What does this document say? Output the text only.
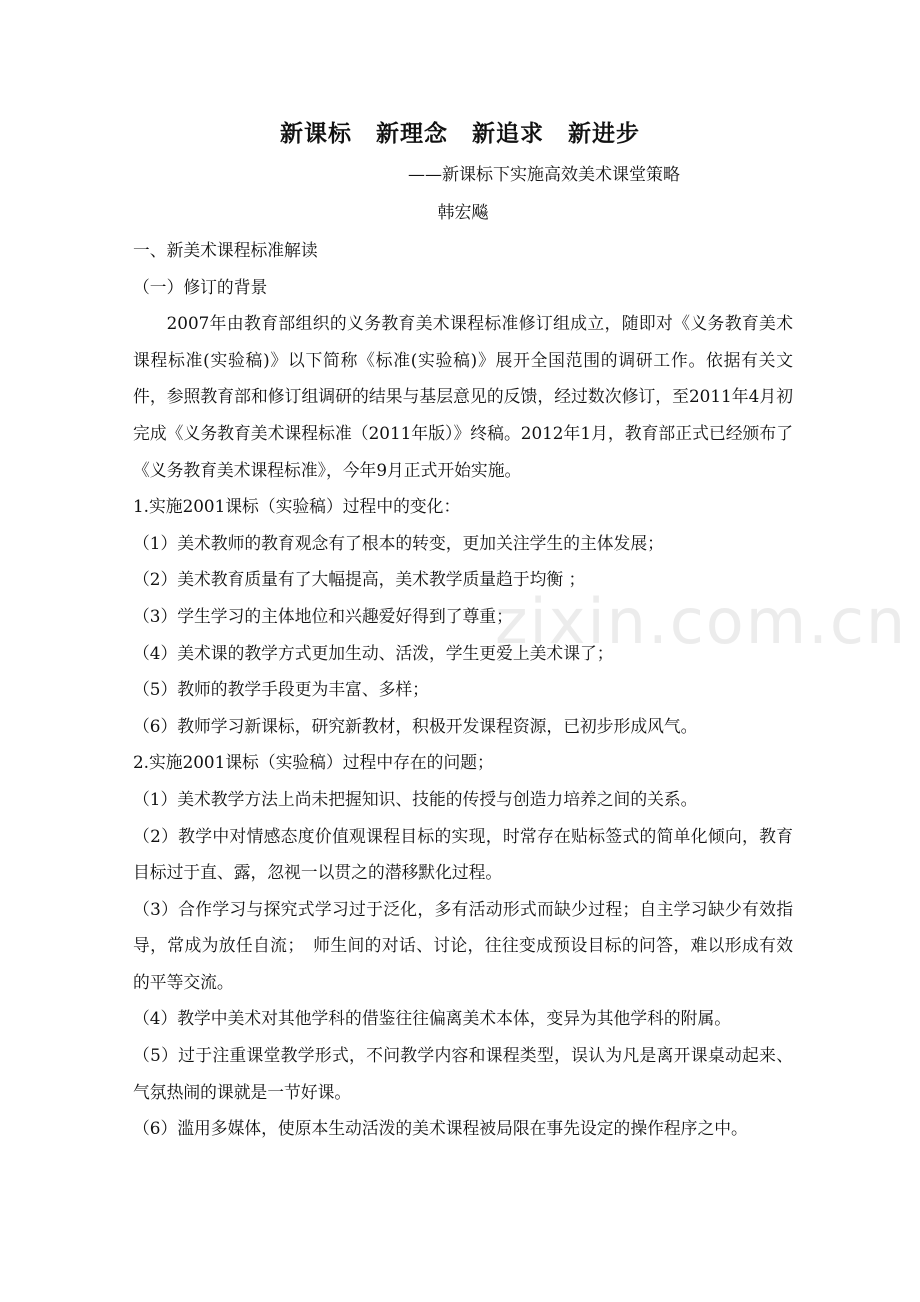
新课标　新理念　新追求　新进步
——新课标下实施高效美术课堂策略
韩宏飚

一、新美术课程标准解读

（一）修订的背景

2007年由教育部组织的义务教育美术课程标准修订组成立，随即对《义务教育美术课程标准(实验稿)》以下简称《标准(实验稿)》展开全国范围的调研工作。依据有关文件，参照教育部和修订组调研的结果与基层意见的反馈，经过数次修订，至2011年4月初完成《义务教育美术课程标准（2011年版）》终稿。2012年1月，教育部正式已经颁布了《义务教育美术课程标准》，今年9月正式开始实施。

1.实施2001课标（实验稿）过程中的变化：

（1）美术教师的教育观念有了根本的转变，更加关注学生的主体发展；

（2）美术教育质量有了大幅提高，美术教学质量趋于均衡 ；

（3）学生学习的主体地位和兴趣爱好得到了尊重；

（4）美术课的教学方式更加生动、活泼，学生更爱上美术课了；

（5）教师的教学手段更为丰富、多样；

（6）教师学习新课标，研究新教材，积极开发课程资源，已初步形成风气。

2.实施2001课标（实验稿）过程中存在的问题；

（1）美术教学方法上尚未把握知识、技能的传授与创造力培养之间的关系。

（2）教学中对情感态度价值观课程目标的实现，时常存在贴标签式的简单化倾向，教育目标过于直、露，忽视一以贯之的潜移默化过程。

（3）合作学习与探究式学习过于泛化，多有活动形式而缺少过程；自主学习缺少有效指导，常成为放任自流；　师生间的对话、讨论，往往变成预设目标的问答，难以形成有效的平等交流。

（4）教学中美术对其他学科的借鉴往往偏离美术本体，变异为其他学科的附属。

（5）过于注重课堂教学形式，不问教学内容和课程类型，误认为凡是离开课桌动起来、气氛热闹的课就是一节好课。

（6）滥用多媒体，使原本生动活泼的美术课程被局限在事先设定的操作程序之中。

zixin.com.cn
